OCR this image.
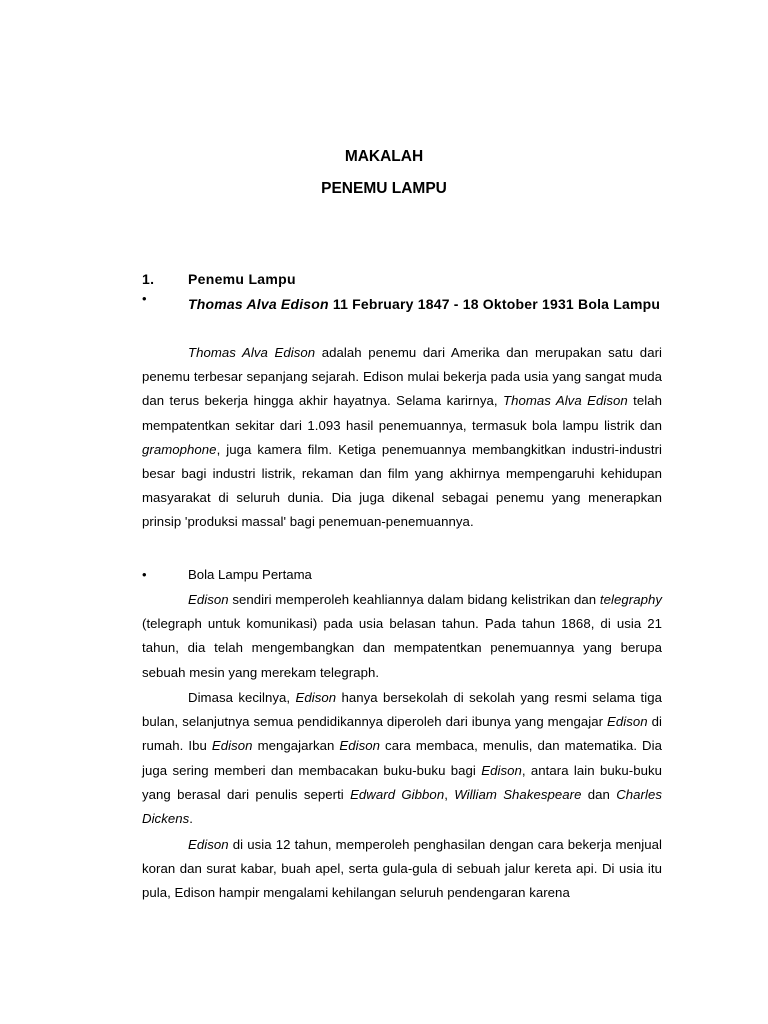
MAKALAH
PENEMU LAMPU
1. Penemu Lampu
•	Thomas Alva Edison 11 February 1847 - 18 Oktober 1931 Bola Lampu

Thomas Alva Edison adalah penemu dari Amerika dan merupakan satu dari penemu terbesar sepanjang sejarah. Edison mulai bekerja pada usia yang sangat muda dan terus bekerja hingga akhir hayatnya. Selama karirnya, Thomas Alva Edison telah mempatentkan sekitar dari 1.093 hasil penemuannya, termasuk bola lampu listrik dan gramophone, juga kamera film. Ketiga penemuannya membangkitkan industri-industri besar bagi industri listrik, rekaman dan film yang akhirnya mempengaruhi kehidupan masyarakat di seluruh dunia. Dia juga dikenal sebagai penemu yang menerapkan prinsip 'produksi massal' bagi penemuan-penemuannya.

•	Bola Lampu Pertama

Edison sendiri memperoleh keahliannya dalam bidang kelistrikan dan telegraphy (telegraph untuk komunikasi) pada usia belasan tahun. Pada tahun 1868, di usia 21 tahun, dia telah mengembangkan dan mempatentkan penemuannya yang berupa sebuah mesin yang merekam telegraph.

Dimasa kecilnya, Edison hanya bersekolah di sekolah yang resmi selama tiga bulan, selanjutnya semua pendidikannya diperoleh dari ibunya yang mengajar Edison di rumah. Ibu Edison mengajarkan Edison cara membaca, menulis, dan matematika. Dia juga sering memberi dan membacakan buku-buku bagi Edison, antara lain buku-buku yang berasal dari penulis seperti Edward Gibbon, William Shakespeare dan Charles Dickens.

Edison di usia 12 tahun, memperoleh penghasilan dengan cara bekerja menjual koran dan surat kabar, buah apel, serta gula-gula di sebuah jalur kereta api. Di usia itu pula, Edison hampir mengalami kehilangan seluruh pendengaran karena
